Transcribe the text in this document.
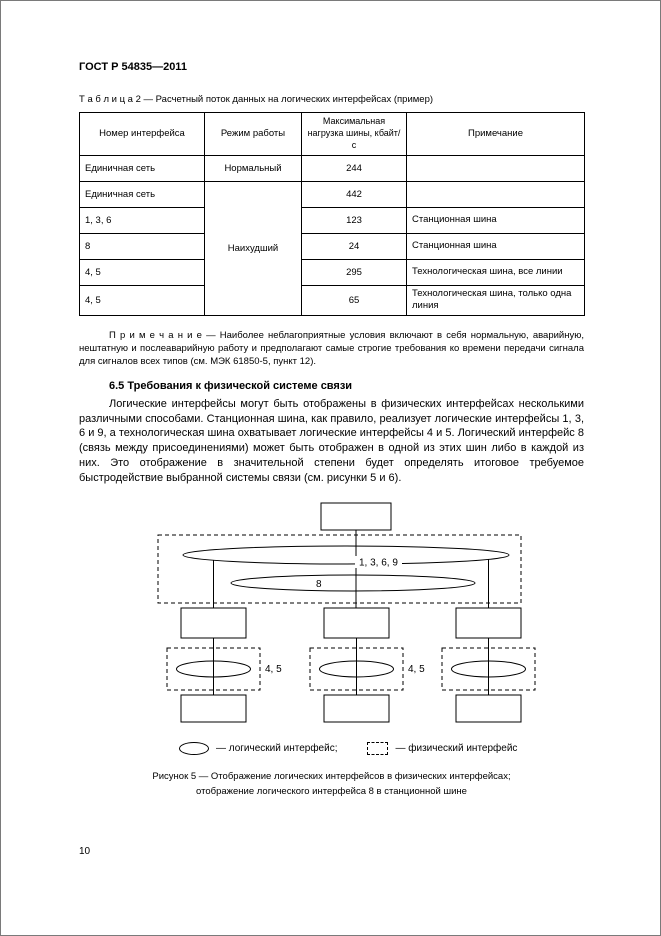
ГОСТ Р 54835—2011
Т а б л и ц а 2 — Расчетный поток данных на логических интерфейсах (пример)
Номер интерфейса	Режим работы	Максимальная нагрузка шины, кбайт/с	Примечание
Единичная сеть	Нормальный	244	
Единичная сеть	Наихудший	442	
1, 3, 6		123	Станционная шина
8		24	Станционная шина
4, 5		295	Технологическая шина, все линии
4, 5		65	Технологическая шина, только одна линия
П р и м е ч а н и е — Наиболее неблагоприятные условия включают в себя нормальную, аварийную, нештатную и послеаварийную работу и предполагают самые строгие требования ко времени передачи сигнала для сигналов всех типов (см. МЭК 61850-5, пункт 12).
6.5 Требования к физической системе связи
Логические интерфейсы могут быть отображены в физических интерфейсах несколькими различными способами. Станционная шина, как правило, реализует логические интерфейсы 1, 3, 6 и 9, а технологическая шина охватывает логические интерфейсы 4 и 5. Логический интерфейс 8 (связь между присоединениями) может быть отображен в одной из этих шин либо в каждой из них. Это отображение в значительной степени будет определять итоговое требуемое быстродействие выбранной системы связи (см. рисунки 5 и 6).
1, 3, 6, 9
8
4, 5	4, 5
— логический интерфейс;	— физический интерфейс
Рисунок 5 — Отображение логических интерфейсов в физических интерфейсах;
отображение логического интерфейса 8 в станционной шине
10
